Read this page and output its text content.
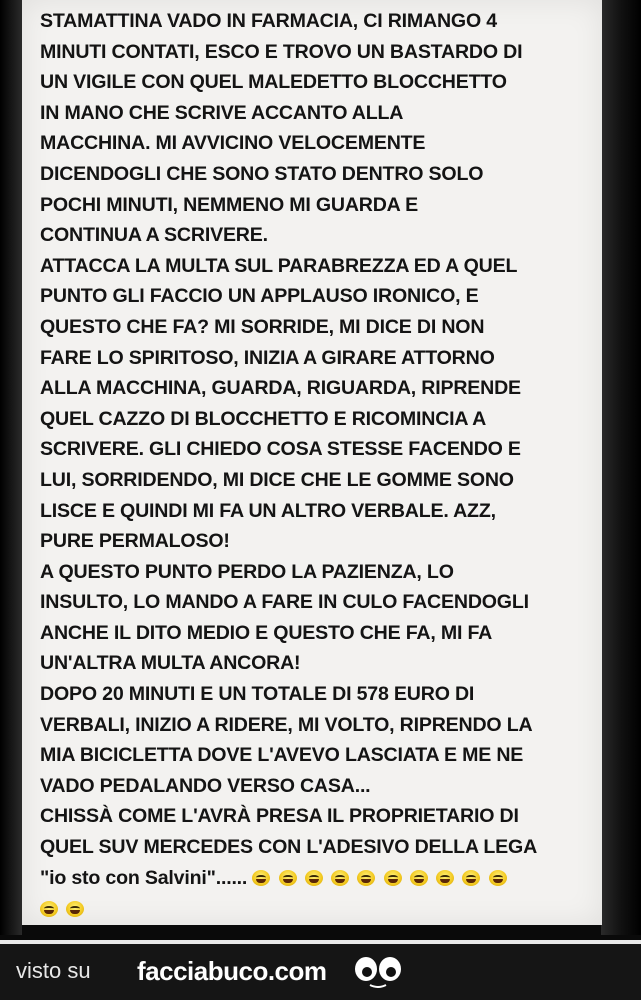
STAMATTINA VADO IN FARMACIA, CI RIMANGO 4
MINUTI CONTATI, ESCO E TROVO UN BASTARDO DI
UN VIGILE CON QUEL MALEDETTO BLOCCHETTO
IN MANO CHE SCRIVE ACCANTO ALLA
MACCHINA. MI AVVICINO VELOCEMENTE
DICENDOGLI CHE SONO STATO DENTRO SOLO
POCHI MINUTI, NEMMENO MI GUARDA E
CONTINUA A SCRIVERE.
ATTACCA LA MULTA SUL PARABREZZA ED A QUEL
PUNTO GLI FACCIO UN APPLAUSO IRONICO, E
QUESTO CHE FA? MI SORRIDE, MI DICE DI NON
FARE LO SPIRITOSO, INIZIA A GIRARE ATTORNO
ALLA MACCHINA, GUARDA, RIGUARDA, RIPRENDE
QUEL CAZZO DI BLOCCHETTO E RICOMINCIA A
SCRIVERE. GLI CHIEDO COSA STESSE FACENDO E
LUI, SORRIDENDO, MI DICE CHE LE GOMME SONO
LISCE E QUINDI MI FA UN ALTRO VERBALE. AZZ,
PURE PERMALOSO!
A QUESTO PUNTO PERDO LA PAZIENZA, LO
INSULTO, LO MANDO A FARE IN CULO FACENDOGLI
ANCHE IL DITO MEDIO E QUESTO CHE FA, MI FA
UN'ALTRA MULTA ANCORA!
DOPO 20 MINUTI E UN TOTALE DI 578 EURO DI
VERBALI, INIZIO A RIDERE, MI VOLTO, RIPRENDO LA
MIA BICICLETTA DOVE L'AVEVO LASCIATA E ME NE
VADO PEDALANDO VERSO CASA...
CHISSÀ COME L'AVRÀ PRESA IL PROPRIETARIO DI
QUEL SUV MERCEDES CON L'ADESIVO DELLA LEGA
"io sto con Salvini"......

visto su facciabuco.com
